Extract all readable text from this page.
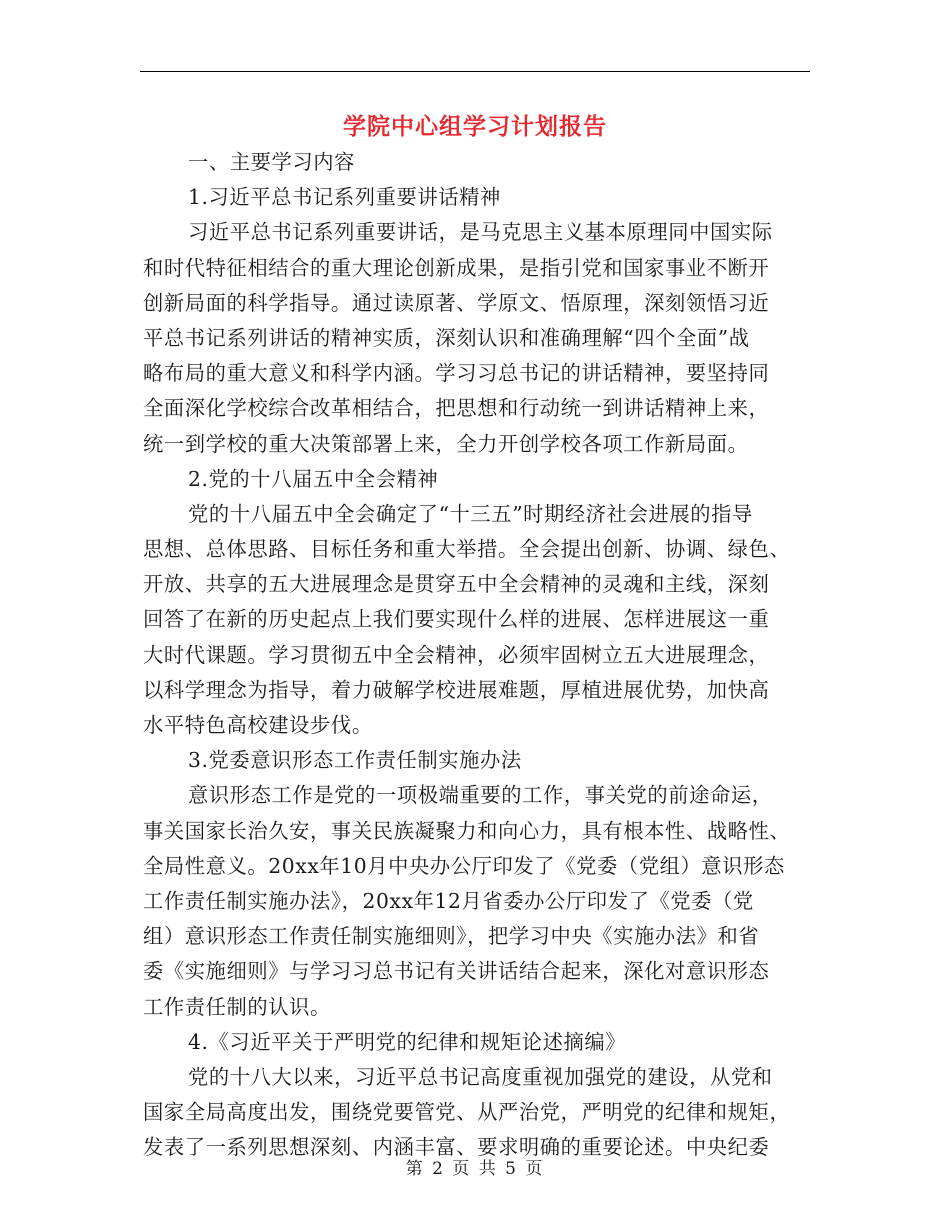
学院中心组学习计划报告

一、主要学习内容

1.习近平总书记系列重要讲话精神

习近平总书记系列重要讲话，是马克思主义基本原理同中国实际

和时代特征相结合的重大理论创新成果，是指引党和国家事业不断开

创新局面的科学指导。通过读原著、学原文、悟原理，深刻领悟习近

平总书记系列讲话的精神实质，深刻认识和准确理解“四个全面”战

略布局的重大意义和科学内涵。学习习总书记的讲话精神，要坚持同

全面深化学校综合改革相结合，把思想和行动统一到讲话精神上来，

统一到学校的重大决策部署上来，全力开创学校各项工作新局面。

2.党的十八届五中全会精神

党的十八届五中全会确定了“十三五”时期经济社会进展的指导

思想、总体思路、目标任务和重大举措。全会提出创新、协调、绿色、

开放、共享的五大进展理念是贯穿五中全会精神的灵魂和主线，深刻

回答了在新的历史起点上我们要实现什么样的进展、怎样进展这一重

大时代课题。学习贯彻五中全会精神，必须牢固树立五大进展理念，

以科学理念为指导，着力破解学校进展难题，厚植进展优势，加快高

水平特色高校建设步伐。

3.党委意识形态工作责任制实施办法

意识形态工作是党的一项极端重要的工作，事关党的前途命运，

事关国家长治久安，事关民族凝聚力和向心力，具有根本性、战略性、

全局性意义。20xx年10月中央办公厅印发了《党委（党组）意识形态

工作责任制实施办法》，20xx年12月省委办公厅印发了《党委（党

组）意识形态工作责任制实施细则》，把学习中央《实施办法》和省

委《实施细则》与学习习总书记有关讲话结合起来，深化对意识形态

工作责任制的认识。

4.《习近平关于严明党的纪律和规矩论述摘编》

党的十八大以来，习近平总书记高度重视加强党的建设，从党和

国家全局高度出发，围绕党要管党、从严治党，严明党的纪律和规矩，

发表了一系列思想深刻、内涵丰富、要求明确的重要论述。中央纪委

第 2 页 共 5 页
